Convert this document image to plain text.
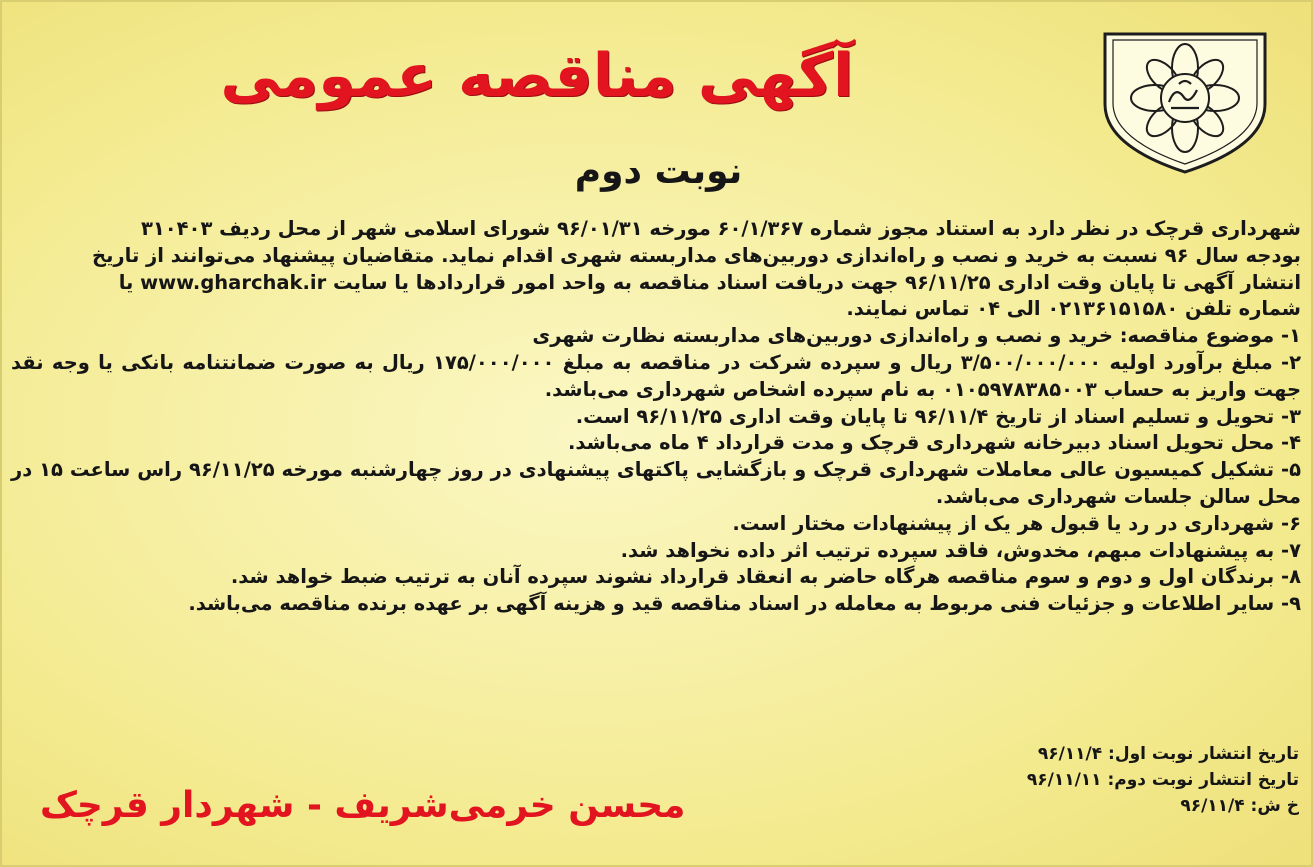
آگهی مناقصه عمومی
نوبت دوم

شهرداری قرچک در نظر دارد به استناد مجوز شماره ۶۰/۱/۳۶۷ مورخه ۹۶/۰۱/۳۱ شورای اسلامی شهر از محل ردیف ۳۱۰۴۰۳

بودجه سال ۹۶ نسبت به خرید و نصب و راه‌اندازی دوربین‌های مداربسته شهری اقدام نماید. متقاضیان پیشنهاد می‌توانند از تاریخ

انتشار آگهی تا پایان وقت اداری ۹۶/۱۱/۲۵ جهت دریافت اسناد مناقصه به واحد امور قراردادها یا سایت www.gharchak.ir یا

شماره تلفن ۰۲۱۳۶۱۵۱۵۸۰ الی ۰۴ تماس نمایند.

۱- موضوع مناقصه: خرید و نصب و راه‌اندازی دوربین‌های مداربسته نظارت شهری

۲- مبلغ برآورد اولیه ۳/۵۰۰/۰۰۰/۰۰۰ ریال و سپرده شرکت در مناقصه به مبلغ ۱۷۵/۰۰۰/۰۰۰ ریال به صورت ضمانتنامه بانکی یا وجه نقد جهت واریز به حساب ۰۱۰۵۹۷۸۳۸۵۰۰۳ به نام سپرده اشخاص شهرداری می‌باشد.

۳- تحویل و تسلیم اسناد از تاریخ ۹۶/۱۱/۴ تا پایان وقت اداری ۹۶/۱۱/۲۵ است.

۴- محل تحویل اسناد دبیرخانه شهرداری قرچک و مدت قرارداد ۴ ماه می‌باشد.

۵- تشکیل کمیسیون عالی معاملات شهرداری قرچک و بازگشایی پاکتهای پیشنهادی در روز چهارشنبه مورخه ۹۶/۱۱/۲۵ راس ساعت ۱۵ در محل سالن جلسات شهرداری می‌باشد.

۶- شهرداری در رد یا قبول هر یک از پیشنهادات مختار است.

۷- به پیشنهادات مبهم، مخدوش، فاقد سپرده ترتیب اثر داده نخواهد شد.

۸- برندگان اول و دوم و سوم مناقصه هرگاه حاضر به انعقاد قرارداد نشوند سپرده آنان به ترتیب ضبط خواهد شد.

۹- سایر اطلاعات و جزئیات فنی مربوط به معامله در اسناد مناقصه قید و هزینه آگهی بر عهده برنده مناقصه می‌باشد.

تاریخ انتشار نوبت اول: ۹۶/۱۱/۴
تاریخ انتشار نوبت دوم: ۹۶/۱۱/۱۱
خ ش: ۹۶/۱۱/۴
محسن خرمی‌شریف - شهردار قرچک
